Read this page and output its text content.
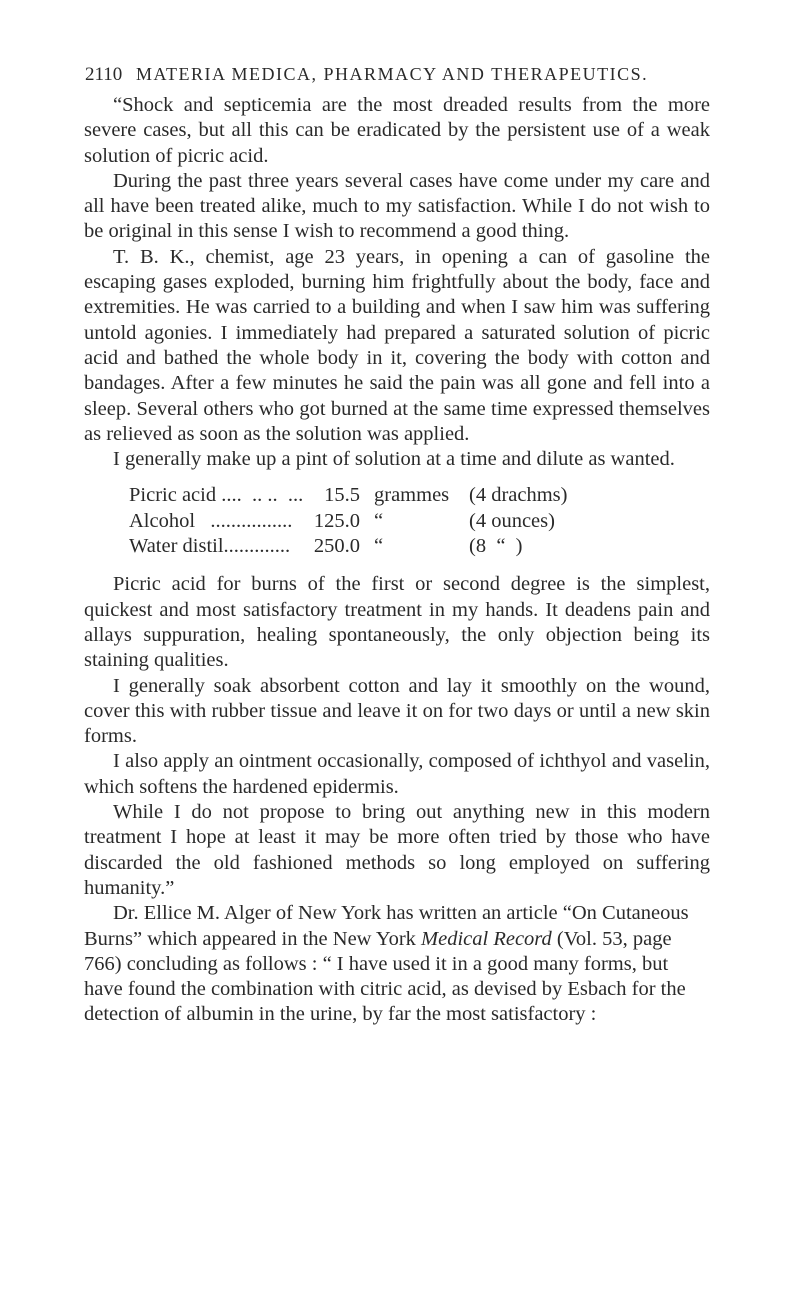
2110 MATERIA MEDICA, PHARMACY AND THERAPEUTICS.

“Shock and septicemia are the most dreaded results from the more severe cases, but all this can be eradicated by the persistent use of a weak solution of picric acid.

During the past three years several cases have come under my care and all have been treated alike, much to my satisfaction. While I do not wish to be original in this sense I wish to recommend a good thing.

T. B. K., chemist, age 23 years, in opening a can of gasoline the escaping gases exploded, burning him frightfully about the body, face and extremities. He was carried to a building and when I saw him was suffering untold agonies. I immediately had prepared a saturated solution of picric acid and bathed the whole body in it, covering the body with cotton and bandages. After a few minutes he said the pain was all gone and fell into a sleep. Several others who got burned at the same time expressed themselves as relieved as soon as the solution was applied.

I generally make up a pint of solution at a time and dilute as wanted.

Picric acid ....  .. ..  ... 15.5 grammes (4 drachms)
Alcohol   ................ 125.0 “	(4 ounces)
Water distil............. 250.0 “	(8  “  )

Picric acid for burns of the first or second degree is the simplest, quickest and most satisfactory treatment in my hands. It deadens pain and allays suppuration, healing spontaneously, the only objection being its staining qualities.

I generally soak absorbent cotton and lay it smoothly on the wound, cover this with rubber tissue and leave it on for two days or until a new skin forms.

I also apply an ointment occasionally, composed of ichthyol and vaselin, which softens the hardened epidermis.

While I do not propose to bring out anything new in this modern treatment I hope at least it may be more often tried by those who have discarded the old fashioned methods so long employed on suffering humanity.”

Dr. Ellice M. Alger of New York has written an article “On Cutaneous Burns” which appeared in the New York Medical Record (Vol. 53, page 766) concluding as follows : “ I have used it in a good many forms, but have found the combination with citric acid, as devised by Esbach for the detection of albumin in the urine, by far the most satisfactory :
